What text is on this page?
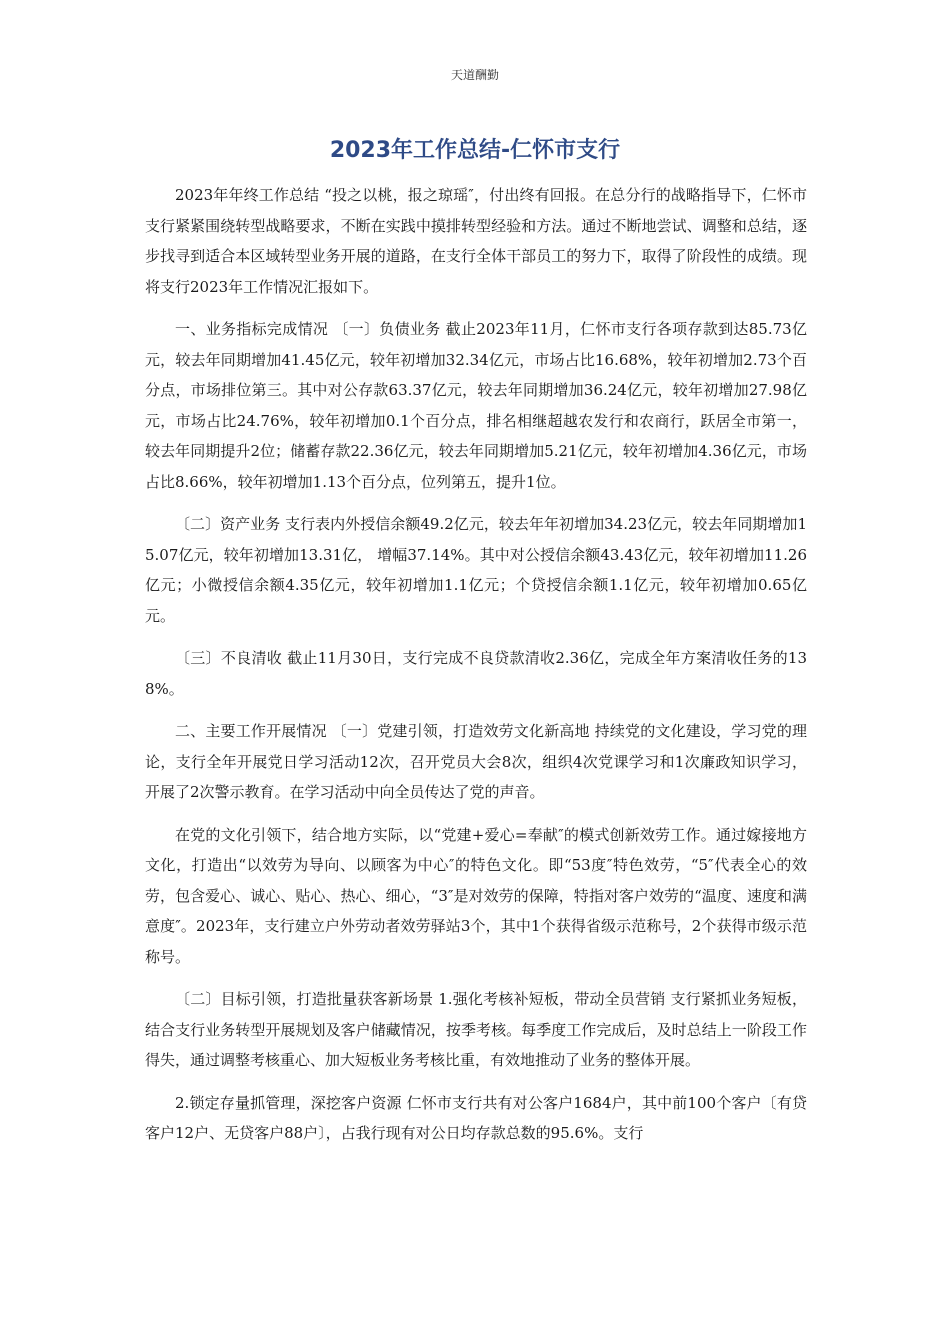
天道酬勤
2023年工作总结-仁怀市支行

2023年年终工作总结 “投之以桃，报之琼瑶″，付出终有回报。在总分行的战略指导下，仁怀市支行紧紧围绕转型战略要求，不断在实践中摸排转型经验和方法。通过不断地尝试、调整和总结，逐步找寻到适合本区域转型业务开展的道路，在支行全体干部员工的努力下，取得了阶段性的成绩。现将支行2023年工作情况汇报如下。

一、业务指标完成情况 〔一〕负债业务 截止2023年11月，仁怀市支行各项存款到达85.73亿元，较去年同期增加41.45亿元，较年初增加32.34亿元，市场占比16.68%，较年初增加2.73个百分点，市场排位第三。其中对公存款63.37亿元，较去年同期增加36.24亿元，较年初增加27.98亿元，市场占比24.76%，较年初增加0.1个百分点，排名相继超越农发行和农商行，跃居全市第一，较去年同期提升2位；储蓄存款22.36亿元，较去年同期增加5.21亿元，较年初增加4.36亿元，市场占比8.66%，较年初增加1.13个百分点，位列第五，提升1位。

〔二〕资产业务 支行表内外授信余额49.2亿元，较去年年初增加34.23亿元，较去年同期增加15.07亿元，较年初增加13.31亿， 增幅37.14%。其中对公授信余额43.43亿元，较年初增加11.26亿元；小微授信余额4.35亿元，较年初增加1.1亿元；个贷授信余额1.1亿元，较年初增加0.65亿元。

〔三〕不良清收 截止11月30日，支行完成不良贷款清收2.36亿，完成全年方案清收任务的138%。

二、主要工作开展情况 〔一〕党建引领，打造效劳文化新高地 持续党的文化建设，学习党的理论，支行全年开展党日学习活动12次，召开党员大会8次，组织4次党课学习和1次廉政知识学习，开展了2次警示教育。在学习活动中向全员传达了党的声音。

在党的文化引领下，结合地方实际，以“党建+爱心=奉献″的模式创新效劳工作。通过嫁接地方文化，打造出“以效劳为导向、以顾客为中心″的特色文化。即“53度″特色效劳，“5″代表全心的效劳，包含爱心、诚心、贴心、热心、细心，“3″是对效劳的保障，特指对客户效劳的“温度、速度和满意度″。2023年，支行建立户外劳动者效劳驿站3个，其中1个获得省级示范称号，2个获得市级示范称号。

〔二〕目标引领，打造批量获客新场景 1.强化考核补短板，带动全员营销 支行紧抓业务短板，结合支行业务转型开展规划及客户储藏情况，按季考核。每季度工作完成后，及时总结上一阶段工作得失，通过调整考核重心、加大短板业务考核比重，有效地推动了业务的整体开展。

2.锁定存量抓管理，深挖客户资源 仁怀市支行共有对公客户1684户，其中前100个客户〔有贷客户12户、无贷客户88户〕，占我行现有对公日均存款总数的95.6%。支行
